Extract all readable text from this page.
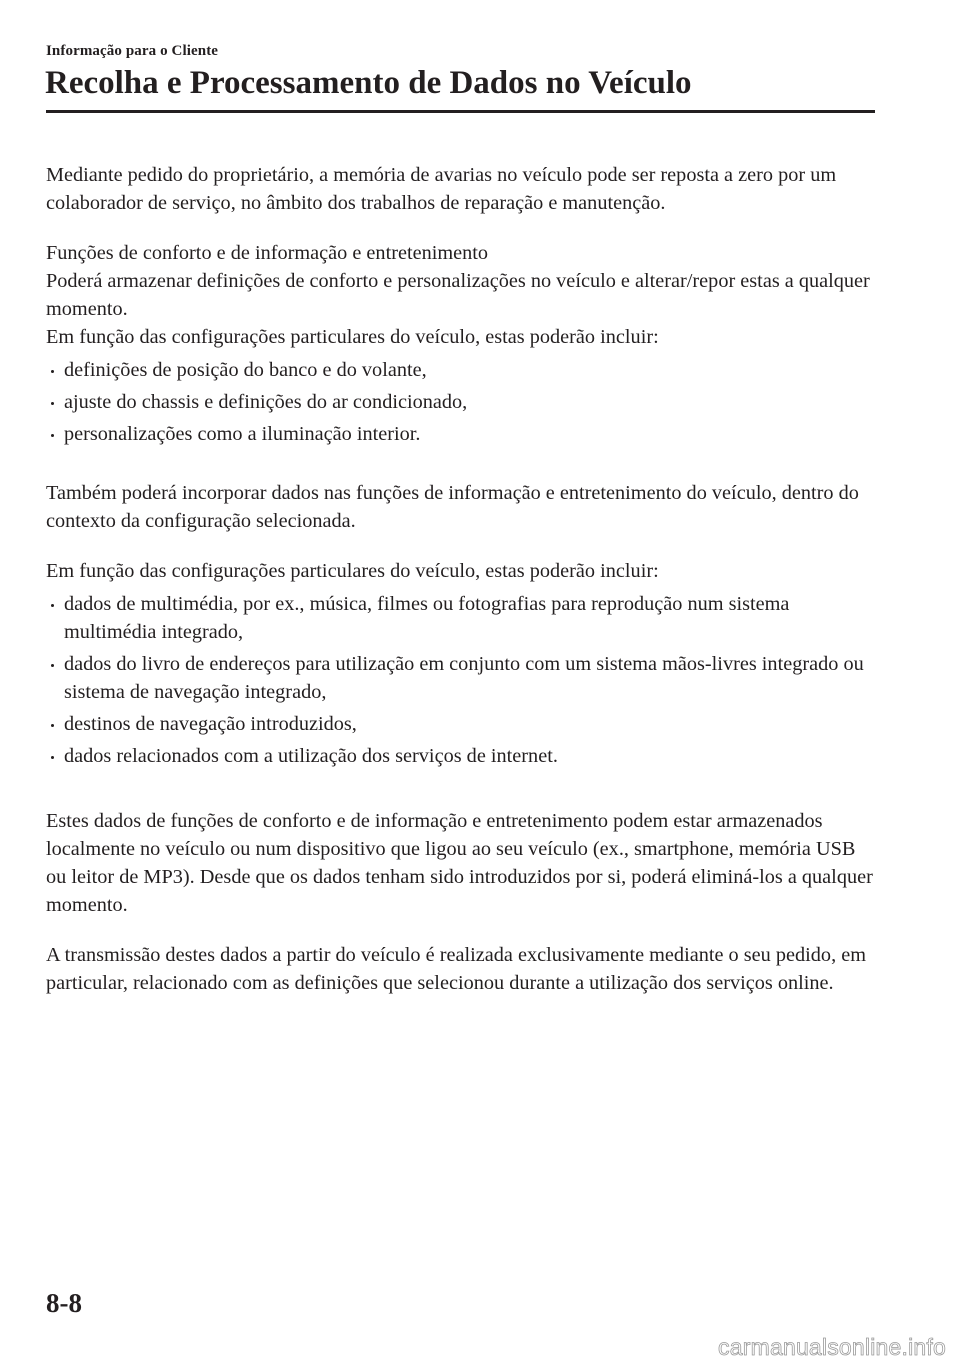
Informação para o Cliente
Recolha e Processamento de Dados no Veículo

Mediante pedido do proprietário, a memória de avarias no veículo pode ser reposta a zero por um colaborador de serviço, no âmbito dos trabalhos de reparação e manutenção.

Funções de conforto e de informação e entretenimento

Poderá armazenar definições de conforto e personalizações no veículo e alterar/repor estas a qualquer momento.

Em função das configurações particulares do veículo, estas poderão incluir:

definições de posição do banco e do volante,
ajuste do chassis e definições do ar condicionado,
personalizações como a iluminação interior.

Também poderá incorporar dados nas funções de informação e entretenimento do veículo, dentro do contexto da configuração selecionada.

Em função das configurações particulares do veículo, estas poderão incluir:

dados de multimédia, por ex., música, filmes ou fotografias para reprodução num sistema multimédia integrado,
dados do livro de endereços para utilização em conjunto com um sistema mãos-livres integrado ou sistema de navegação integrado,
destinos de navegação introduzidos,
dados relacionados com a utilização dos serviços de internet.

Estes dados de funções de conforto e de informação e entretenimento podem estar armazenados localmente no veículo ou num dispositivo que ligou ao seu veículo (ex., smartphone, memória USB ou leitor de MP3). Desde que os dados tenham sido introduzidos por si, poderá eliminá-los a qualquer momento.

A transmissão destes dados a partir do veículo é realizada exclusivamente mediante o seu pedido, em particular, relacionado com as definições que selecionou durante a utilização dos serviços online.

8-8
carmanualsonline.info
